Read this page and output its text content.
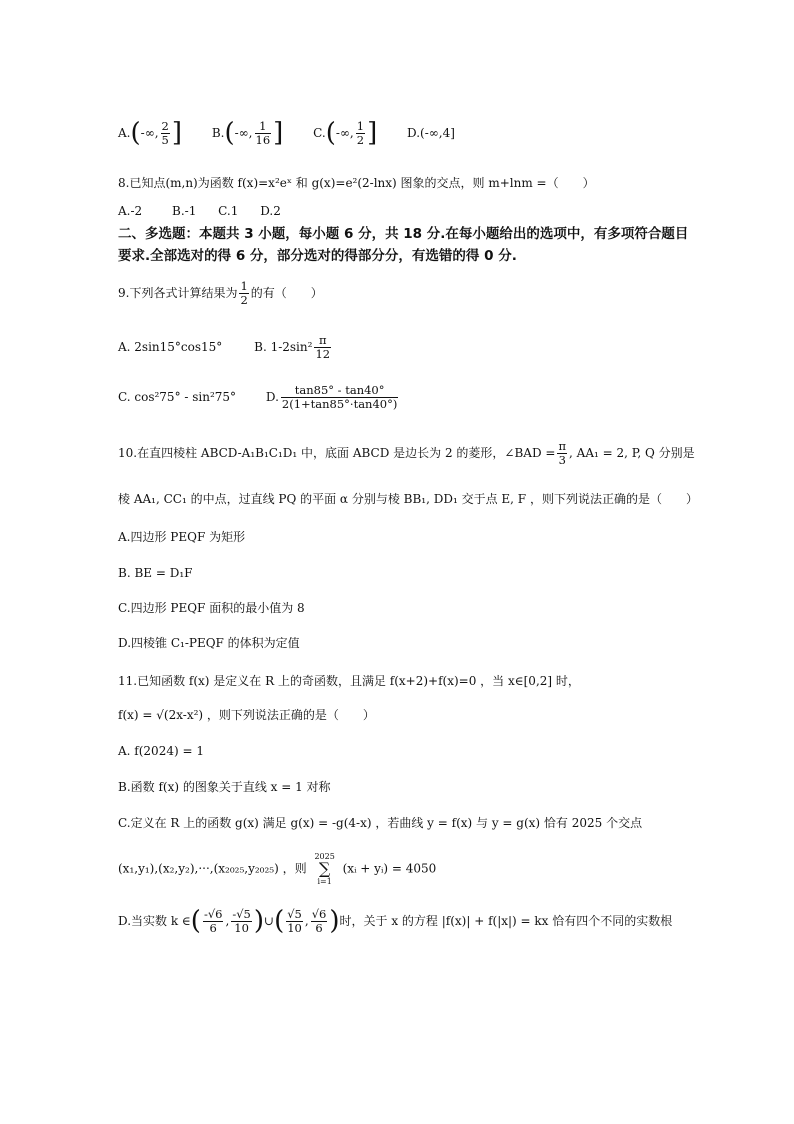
A.(-∞, $\frac{2}{5}$ ] B.(-∞, $\frac{1}{16}$ ] C.(-∞, $\frac{1}{2}$ ] D.(-∞,4]
8.已知点(m,n)为函数 f(x)=x²eˣ 和 g(x)=e²(2-lnx) 图象的交点，则 m+lnm =（　　）
A.-2 B.-1 C.1 D.2
二、多选题：本题共 3 小题，每小题 6 分，共 18 分.在每小题给出的选项中，有多项符合题目
要求.全部选对的得 6 分，部分选对的得部分分，有选错的得 0 分.
9.下列各式计算结果为 $\frac{1}{2}$ 的有（　　）
A. 2sin15°cos15°	B. $1-2\sin^2 \frac{\pi}{12}$
C. cos²75° - sin²75° D. $\frac{\tan 85^\circ - \tan 40^\circ}{2(1+\tan 85^\circ\cdot\tan 40^\circ)}$
10.在直四棱柱 ABCD-A₁B₁C₁D₁ 中，底面 ABCD 是边长为 2 的菱形，∠BAD = $\frac{\pi}{3}$ , AA₁ = 2, P, Q 分别是
棱 AA₁, CC₁ 的中点，过直线 PQ 的平面 α 分别与棱 BB₁, DD₁ 交于点 E, F ，则下列说法正确的是（　　）
A.四边形 PEQF 为矩形
B. BE = D₁F
C.四边形 PEQF 面积的最小值为 8
D.四棱锥 C₁-PEQF 的体积为定值
11.已知函数 f(x) 是定义在 R 上的奇函数，且满足 f(x+2)+f(x)=0 ，当 x∈[0,2] 时，
f(x) = √(2x-x²) ，则下列说法正确的是（　　）
A. f(2024) = 1
B.函数 f(x) 的图象关于直线 x = 1 对称
C.定义在 R 上的函数 g(x) 满足 g(x) = -g(4-x) ，若曲线 y = f(x) 与 y = g(x) 恰有 2025 个交点
(x₁,y₁),(x₂,y₂),···,(x₂₀₂₅,y₂₀₂₅) ，则
2025
∑
i=1
(xᵢ + yᵢ) = 4050
D.当实数 k ∈( $\frac{-√6}{6}$ , $\frac{-√5}{10}$ )∪( $\frac{√5}{10}$ , $\frac{√6}{6}$ )时，关于 x 的方程 |f(x)| + f(|x|) = kx 恰有四个不同的实数根
